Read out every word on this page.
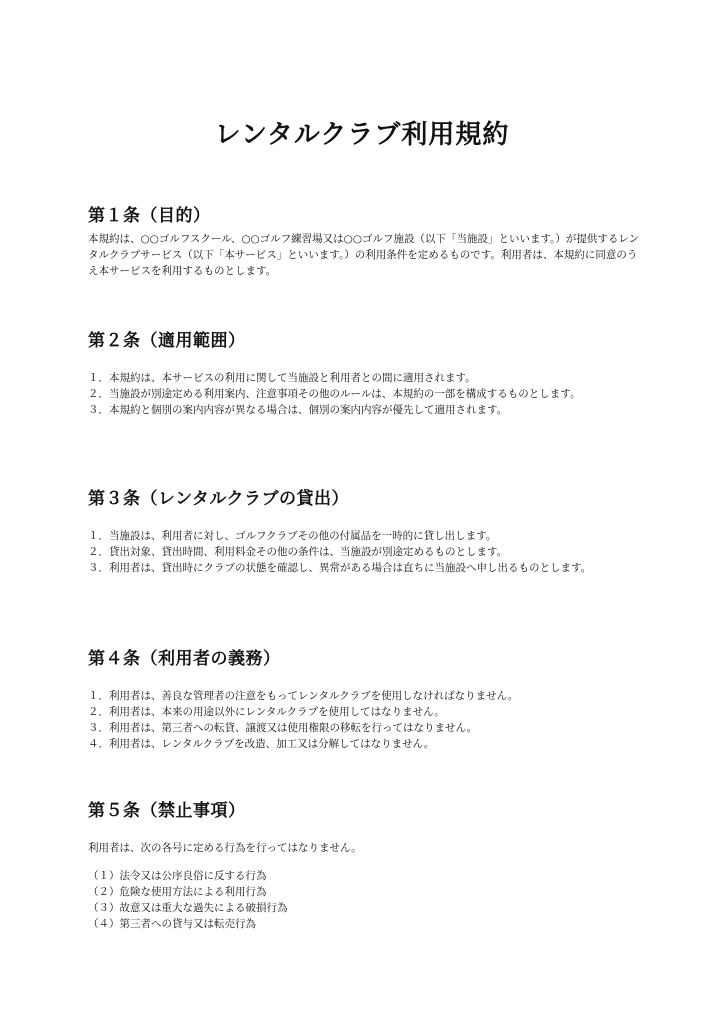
レンタルクラブ利用規約
第１条（目的）

本規約は、○○ゴルフスクール、○○ゴルフ練習場又は○○ゴルフ施設（以下「当施設」といいます。）が提供するレンタルクラブサービス（以下「本サービス」といいます。）の利用条件を定めるものです。利用者は、本規約に同意のうえ本サービスを利用するものとします。

第２条（適用範囲）
１．本規約は、本サービスの利用に関して当施設と利用者との間に適用されます。
２．当施設が別途定める利用案内、注意事項その他のルールは、本規約の一部を構成するものとします。
３．本規約と個別の案内内容が異なる場合は、個別の案内内容が優先して適用されます。
第３条（レンタルクラブの貸出）
１．当施設は、利用者に対し、ゴルフクラブその他の付属品を一時的に貸し出します。
２．貸出対象、貸出時間、利用料金その他の条件は、当施設が別途定めるものとします。
３．利用者は、貸出時にクラブの状態を確認し、異常がある場合は直ちに当施設へ申し出るものとします。
第４条（利用者の義務）
１．利用者は、善良な管理者の注意をもってレンタルクラブを使用しなければなりません。
２．利用者は、本来の用途以外にレンタルクラブを使用してはなりません。
３．利用者は、第三者への転貸、譲渡又は使用権限の移転を行ってはなりません。
４．利用者は、レンタルクラブを改造、加工又は分解してはなりません。
第５条（禁止事項）

利用者は、次の各号に定める行為を行ってはなりません。

（１）法令又は公序良俗に反する行為
（２）危険な使用方法による利用行為
（３）故意又は重大な過失による破損行為
（４）第三者への貸与又は転売行為
